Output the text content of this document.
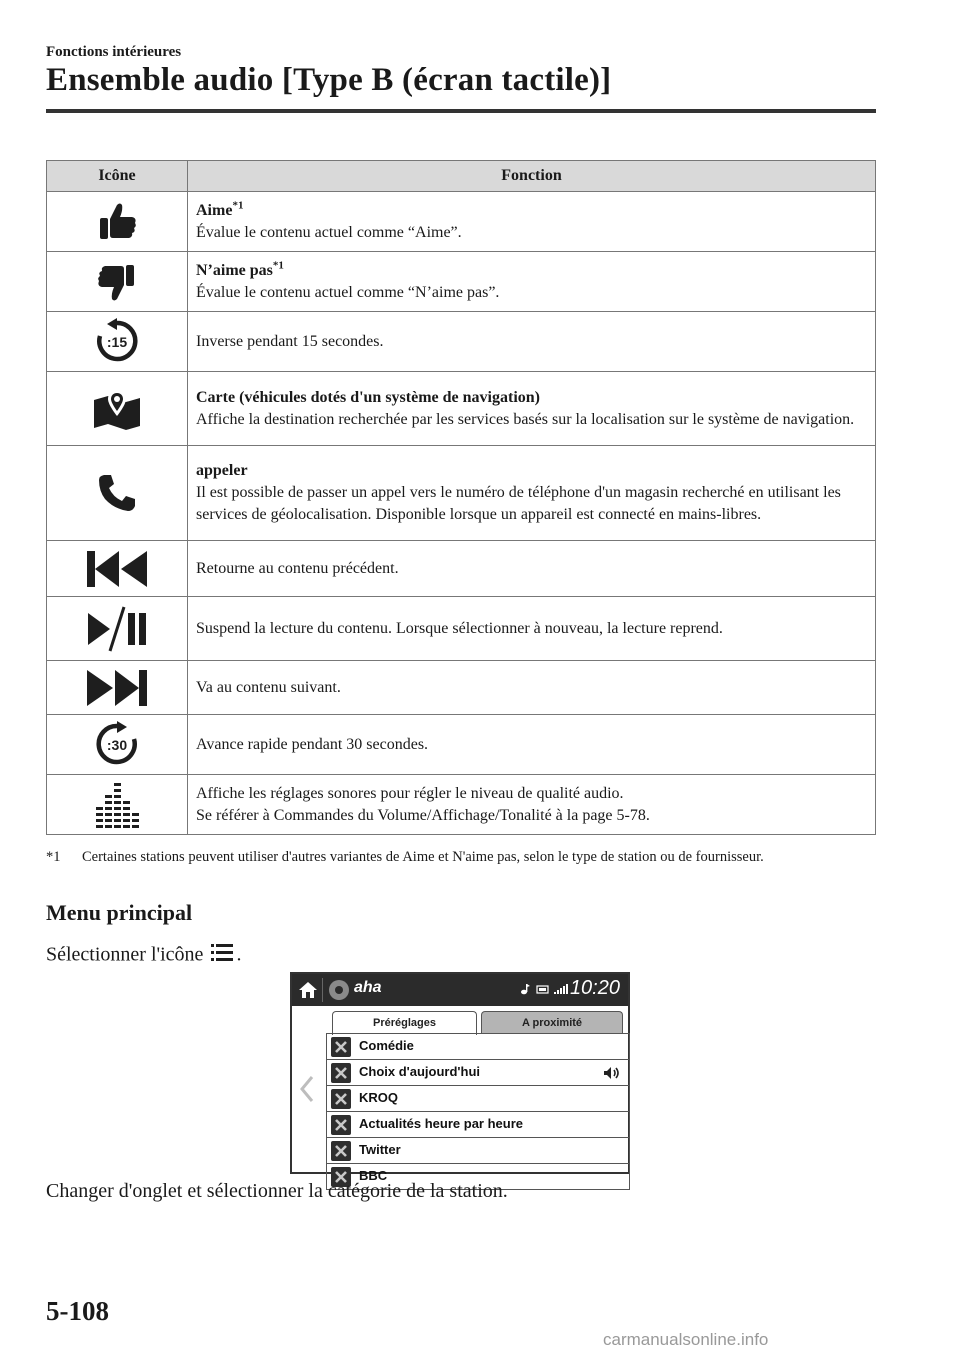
Fonctions intérieures
Ensemble audio [Type B (écran tactile)]
Icône	Fonction

Aime$^{*1}$
Évalue le contenu actuel comme “Aime”.

N’aime pas$^{*1}$
Évalue le contenu actuel comme “N’aime pas”.

:15	Inverse pendant 15 secondes.

Carte (véhicules dotés d'un système de navigation)
Affiche la destination recherchée par les services basés sur la localisation sur le système de navigation.

appeler
Il est possible de passer un appel vers le numéro de téléphone d'un magasin recherché en utilisant les services de géolocalisation. Disponible lorsque un appareil est connecté en mains-libres.

Retourne au contenu précédent.

Suspend la lecture du contenu. Lorsque sélectionner à nouveau, la lecture reprend.

Va au contenu suivant.

:30	Avance rapide pendant 30 secondes.

Affiche les réglages sonores pour régler le niveau de qualité audio.
Se référer à Commandes du Volume/Affichage/Tonalité à la page 5-78.
*1 Certaines stations peuvent utiliser d'autres variantes de Aime et N'aime pas, selon le type de station ou de fournisseur.
Menu principal
Sélectionner l'icône .
aha	10:20
Préréglages	A proximité
Comédie
Choix d'aujourd'hui
KROQ
Actualités heure par heure
Twitter
BBC
Changer d'onglet et sélectionner la catégorie de la station.
5-108
carmanualsonline.info
